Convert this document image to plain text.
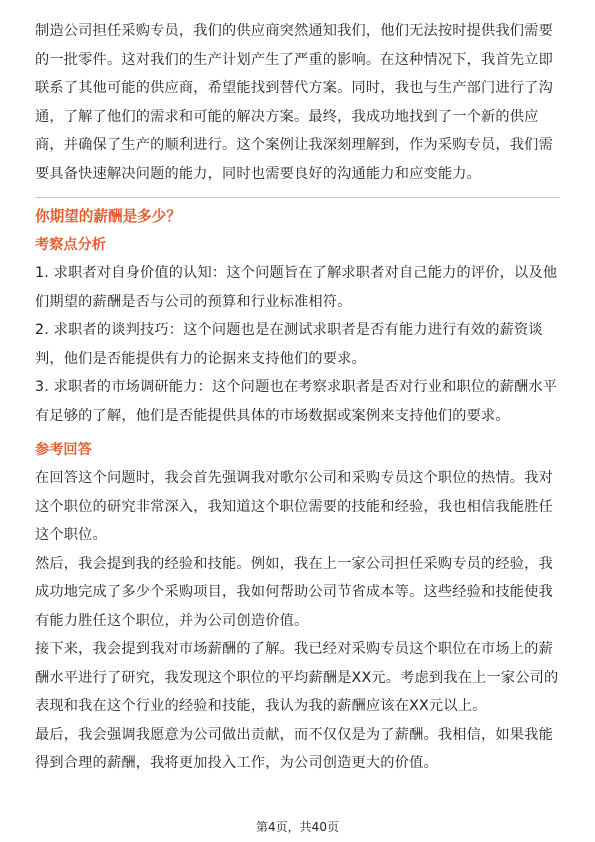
制造公司担任采购专员，我们的供应商突然通知我们，他们无法按时提供我们需要的一批零件。这对我们的生产计划产生了严重的影响。在这种情况下，我首先立即联系了其他可能的供应商，希望能找到替代方案。同时，我也与生产部门进行了沟通，了解了他们的需求和可能的解决方案。最终，我成功地找到了一个新的供应商，并确保了生产的顺利进行。这个案例让我深刻理解到，作为采购专员，我们需要具备快速解决问题的能力，同时也需要良好的沟通能力和应变能力。

你期望的薪酬是多少？

考察点分析

1. 求职者对自身价值的认知：这个问题旨在了解求职者对自己能力的评价，以及他们期望的薪酬是否与公司的预算和行业标准相符。

2. 求职者的谈判技巧：这个问题也是在测试求职者是否有能力进行有效的薪资谈判，他们是否能提供有力的论据来支持他们的要求。

3. 求职者的市场调研能力：这个问题也在考察求职者是否对行业和职位的薪酬水平有足够的了解，他们是否能提供具体的市场数据或案例来支持他们的要求。

参考回答

在回答这个问题时，我会首先强调我对歌尔公司和采购专员这个职位的热情。我对这个职位的研究非常深入，我知道这个职位需要的技能和经验，我也相信我能胜任这个职位。

然后，我会提到我的经验和技能。例如，我在上一家公司担任采购专员的经验，我成功地完成了多少个采购项目，我如何帮助公司节省成本等。这些经验和技能使我有能力胜任这个职位，并为公司创造价值。

接下来，我会提到我对市场薪酬的了解。我已经对采购专员这个职位在市场上的薪酬水平进行了研究，我发现这个职位的平均薪酬是XX元。考虑到我在上一家公司的表现和我在这个行业的经验和技能，我认为我的薪酬应该在XX元以上。

最后，我会强调我愿意为公司做出贡献，而不仅仅是为了薪酬。我相信，如果我能得到合理的薪酬，我将更加投入工作，为公司创造更大的价值。

第4页，共40页
